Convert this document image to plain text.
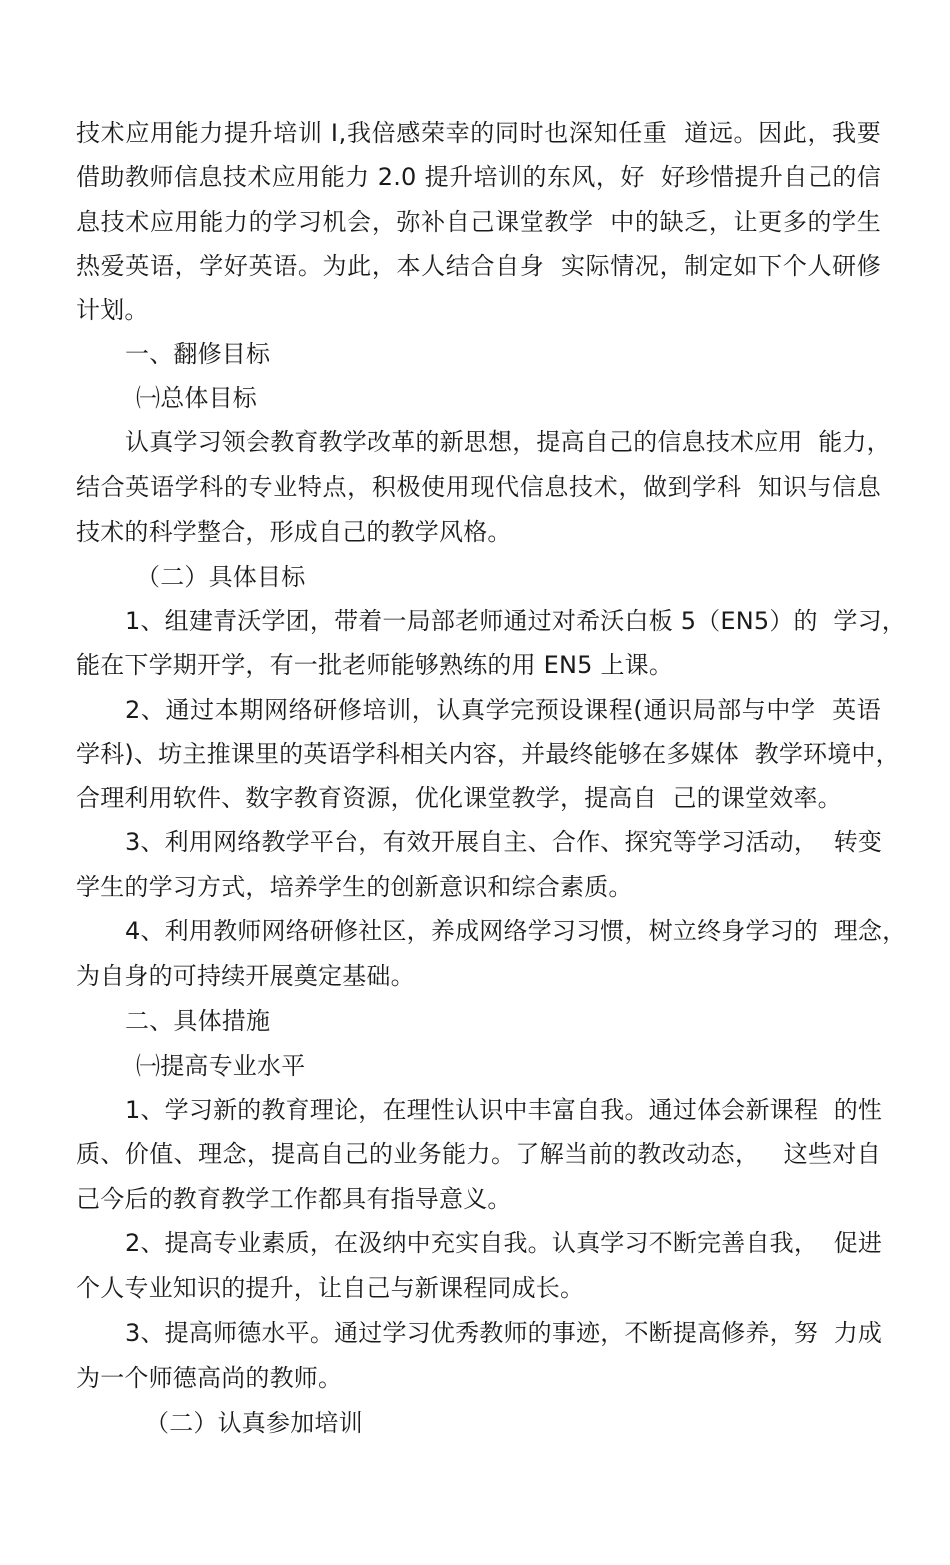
技术应用能力提升培训 Ⅰ,我倍感荣幸的同时也深知任重  道远。因此，我要
借助教师信息技术应用能力 2.0 提升培训的东风，好  好珍惜提升自己的信
息技术应用能力的学习机会，弥补自己课堂教学  中的缺乏，让更多的学生
热爱英语，学好英语。为此，本人结合自身  实际情况，制定如下个人研修
计划。
一、翻修目标
㈠总体目标
认真学习领会教育教学改革的新思想，提高自己的信息技术应用  能力，
结合英语学科的专业特点，积极使用现代信息技术，做到学科  知识与信息
技术的科学整合，形成自己的教学风格。
（二）具体目标
1、组建青沃学团，带着一局部老师通过对希沃白板 5（EN5）的  学习，
能在下学期开学，有一批老师能够熟练的用 EN5 上课。
2、通过本期网络研修培训，认真学完预设课程(通识局部与中学  英语
学科)、坊主推课里的英语学科相关内容，并最终能够在多媒体  教学环境中，
合理利用软件、数字教育资源，优化课堂教学，提高自  己的课堂效率。
3、利用网络教学平台，有效开展自主、合作、探究等学习活动，  转变
学生的学习方式，培养学生的创新意识和综合素质。
4、利用教师网络研修社区，养成网络学习习惯，树立终身学习的  理念，
为自身的可持续开展奠定基础。
二、具体措施
㈠提高专业水平
1、学习新的教育理论，在理性认识中丰富自我。通过体会新课程  的性
质、价值、理念，提高自己的业务能力。了解当前的教改动态，   这些对自
己今后的教育教学工作都具有指导意义。
2、提高专业素质，在汲纳中充实自我。认真学习不断完善自我，  促进
个人专业知识的提升，让自己与新课程同成长。
3、提高师德水平。通过学习优秀教师的事迹，不断提高修养，努  力成
为一个师德高尚的教师。
（二）认真参加培训
